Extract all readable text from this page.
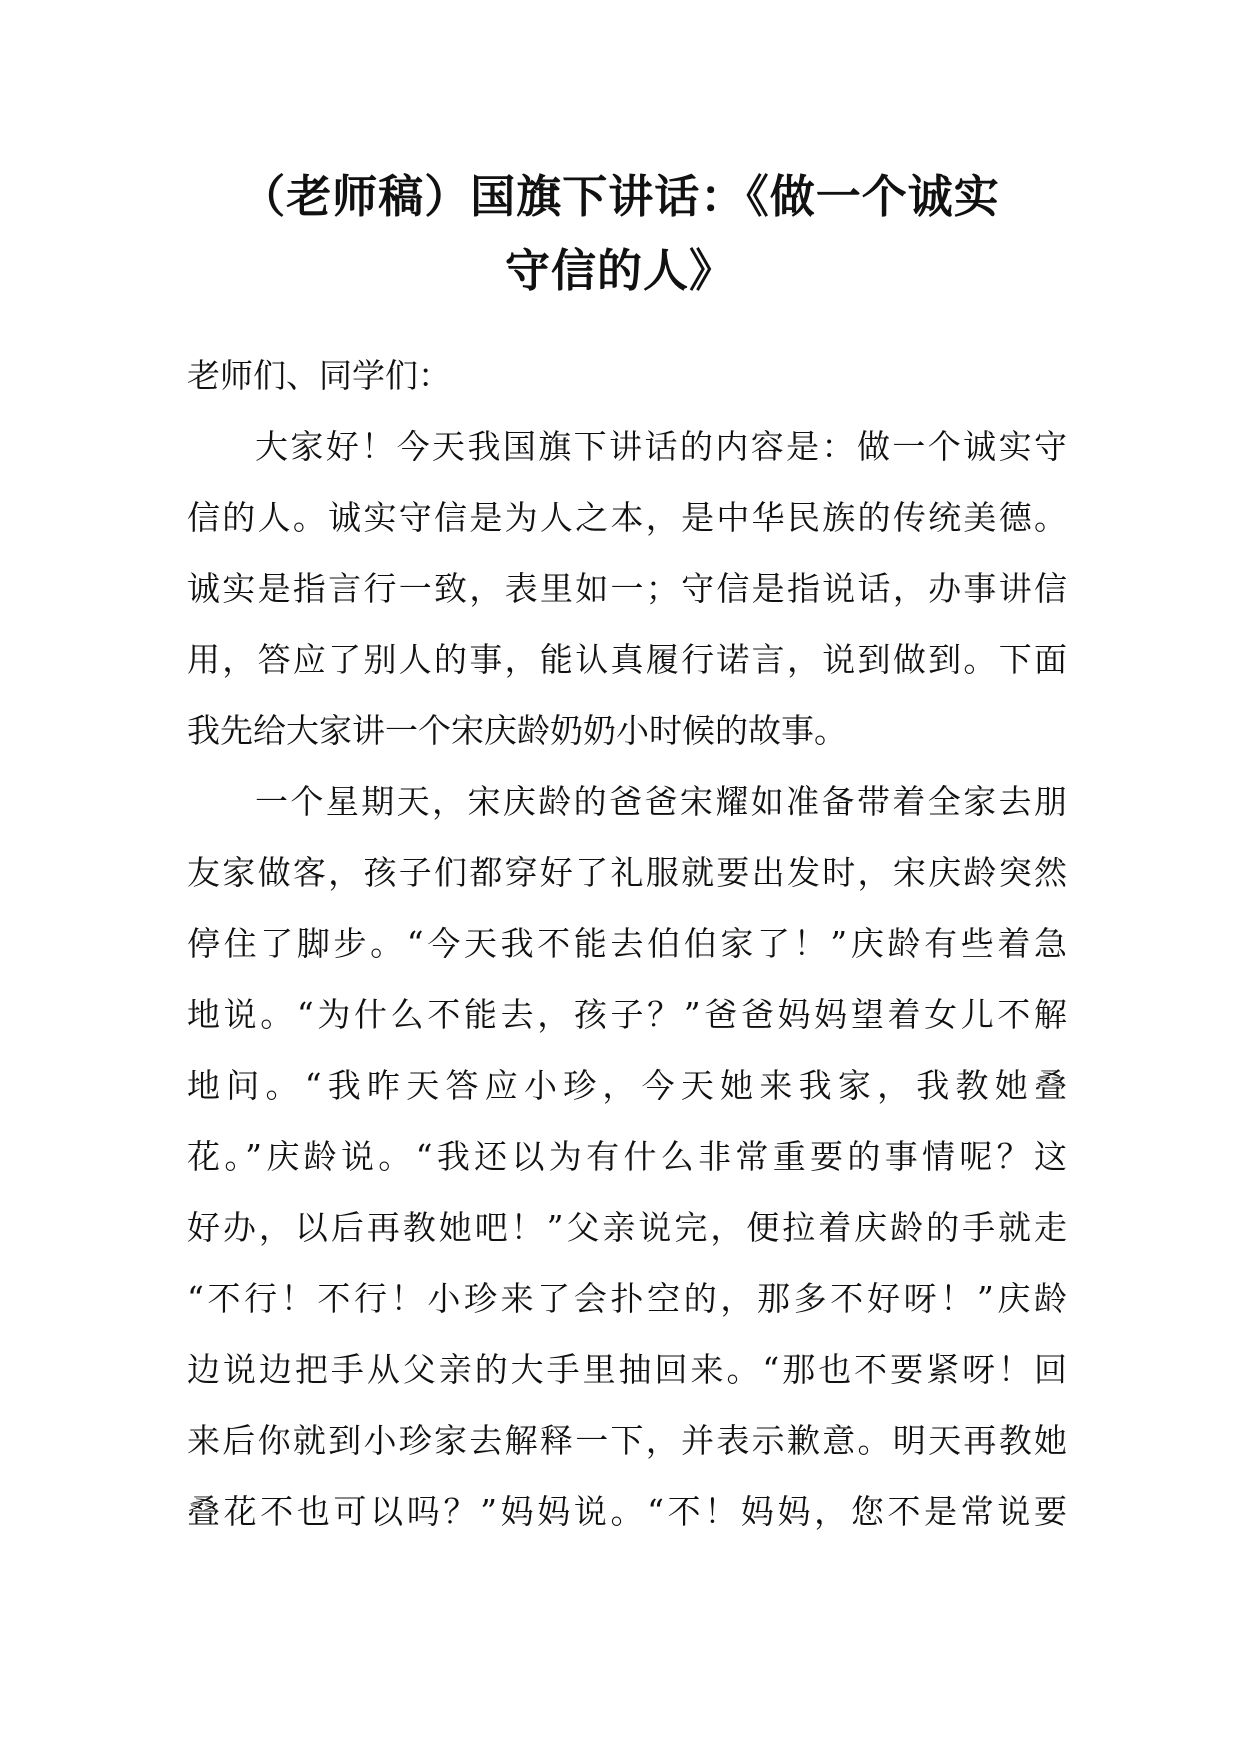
（老师稿）国旗下讲话：《做一个诚实
守信的人》
老师们、同学们：
大家好！今天我国旗下讲话的内容是：做一个诚实守
信的人。诚实守信是为人之本，是中华民族的传统美德。
诚实是指言行一致，表里如一；守信是指说话，办事讲信
用，答应了别人的事，能认真履行诺言，说到做到。下面
我先给大家讲一个宋庆龄奶奶小时候的故事。
一个星期天，宋庆龄的爸爸宋耀如准备带着全家去朋
友家做客，孩子们都穿好了礼服就要出发时，宋庆龄突然
停住了脚步。“今天我不能去伯伯家了！”庆龄有些着急
地说。“为什么不能去，孩子？”爸爸妈妈望着女儿不解
地问。“我昨天答应小珍，今天她来我家，我教她叠
花。”庆龄说。“我还以为有什么非常重要的事情呢？这
好办，以后再教她吧！”父亲说完，便拉着庆龄的手就走
“不行！不行！小珍来了会扑空的，那多不好呀！”庆龄
边说边把手从父亲的大手里抽回来。“那也不要紧呀！回
来后你就到小珍家去解释一下，并表示歉意。明天再教她
叠花不也可以吗？”妈妈说。“不！妈妈，您不是常说要
